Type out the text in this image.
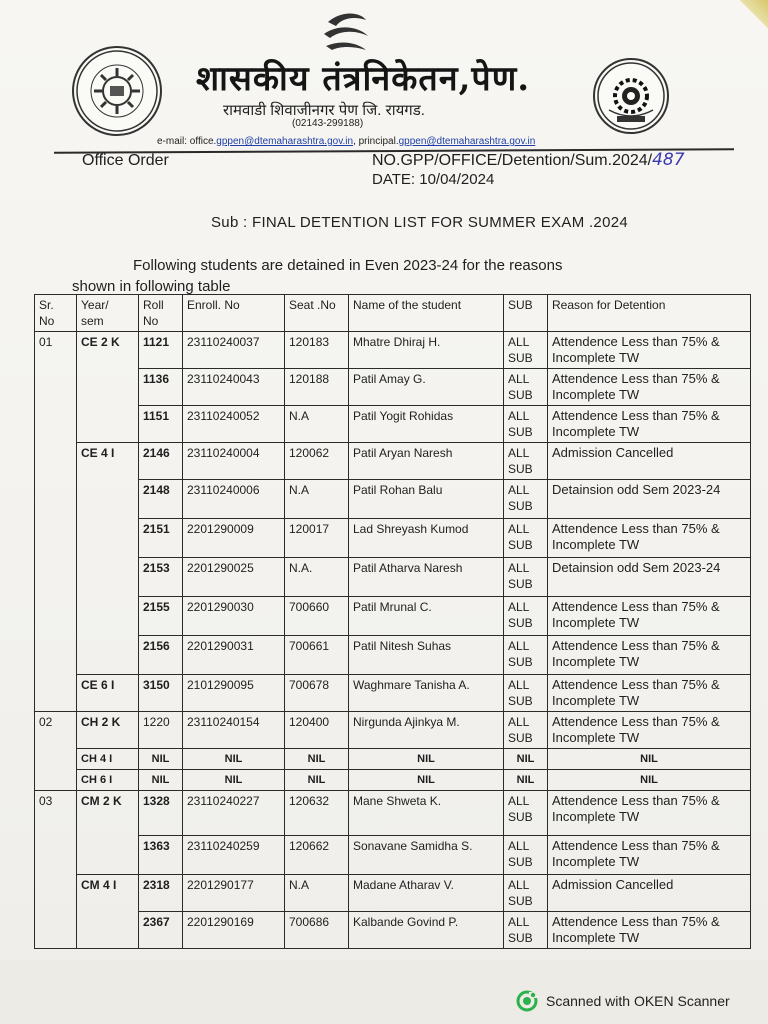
शासकीय तंत्रनिकेतन,पेण.
रामवाडी शिवाजीनगर पेण जि. रायगड.
(02143-299188)
e-mail: office.gppen@dtemaharashtra.gov.in, principal.gppen@dtemaharashtra.gov.in
Office Order	NO.GPP/OFFICE/Detention/Sum.2024/487
DATE: 10/04/2024
Sub : FINAL DETENTION LIST FOR SUMMER EXAM .2024
Following students are detained in Even 2023-24 for the reasons
shown in following table
Sr. No	Year/ sem	Roll No	Enroll. No	Seat .No	Name of the student	SUB	Reason for Detention
01	CE 2 K	1121	23110240037	120183	Mhatre Dhiraj H.	ALL SUB	Attendence Less than 75% & Incomplete TW
		1136	23110240043	120188	Patil Amay G.	ALL SUB	Attendence Less than 75% & Incomplete TW
		1151	23110240052	N.A	Patil Yogit Rohidas	ALL SUB	Attendence Less than 75% & Incomplete TW
	CE 4 I	2146	23110240004	120062	Patil Aryan Naresh	ALL SUB	Admission Cancelled
		2148	23110240006	N.A	Patil Rohan Balu	ALL SUB	Detainsion odd Sem 2023-24
		2151	2201290009	120017	Lad Shreyash Kumod	ALL SUB	Attendence Less than 75% & Incomplete TW
		2153	2201290025	N.A.	Patil Atharva Naresh	ALL SUB	Detainsion odd Sem 2023-24
		2155	2201290030	700660	Patil Mrunal C.	ALL SUB	Attendence Less than 75% & Incomplete TW
		2156	2201290031	700661	Patil Nitesh Suhas	ALL SUB	Attendence Less than 75% & Incomplete TW
	CE 6 I	3150	2101290095	700678	Waghmare Tanisha A.	ALL SUB	Attendence Less than 75% & Incomplete TW
02	CH 2 K	1220	23110240154	120400	Nirgunda Ajinkya M.	ALL SUB	Attendence Less than 75% & Incomplete TW
	CH 4 I	NIL	NIL	NIL	NIL	NIL	NIL
	CH 6 I	NIL	NIL	NIL	NIL	NIL	NIL
03	CM 2 K	1328	23110240227	120632	Mane Shweta K.	ALL SUB	Attendence Less than 75% & Incomplete TW
		1363	23110240259	120662	Sonavane Samidha S.	ALL SUB	Attendence Less than 75% & Incomplete TW
	CM 4 I	2318	2201290177	N.A	Madane Atharav V.	ALL SUB	Admission Cancelled
		2367	2201290169	700686	Kalbande Govind P.	ALL SUB	Attendence Less than 75% & Incomplete TW
Scanned with OKEN Scanner
